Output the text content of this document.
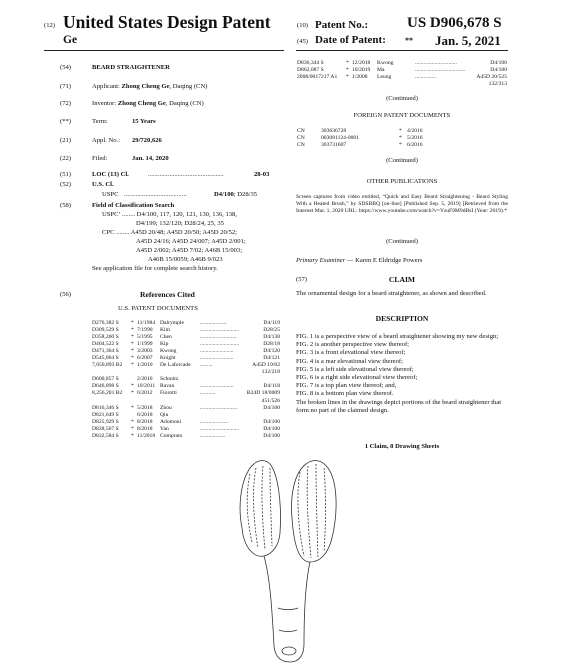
(12) United States Design Patent	(10) Patent No.:	US D906,678 S
Ge	(45) Date of Patent: ** Jan. 5, 2021
(54)	BEARD STRAIGHTENER
(71)	Applicant: Zhong Cheng Ge, Daqing (CN)
(72)	Inventor: Zhong Cheng Ge, Daqing (CN)
(**)	Term:	15 Years
(21)	Appl. No.: 29/720,626
(22)	Filed:	Jan. 14, 2020
(51)	LOC (13) Cl.	..............................................	28-03
(52)	U.S. Cl.
USPC ......................................	D4/100; D28/35
(58)	Field of Classification Search
USPC’ ........ D4/100, 117, 120, 121, 130, 136, 138,
D4/199; 132/120; D28/24, 25, 35
CPC ........ A45D 20/48; A45D 20/50; A45D 20/52;
A45D 24/16; A45D 24/007; A45D 2/001;
A45D 2/002; A45D 7/02; A46B 15/003;
A46B 15/0059; A46B 9/023
See application file for complete search history.
(56)	References Cited
U.S. PATENT DOCUMENTS
D276,382 S * 11/1984 Dalrymple	...................	D4/119
D309,529 S * 7/1990 Kim	............................	D28/25
D358,260 S * 5/1995 Chen	..........................	D4/138
D404,522 S * 1/1999 Kip	............................	D28/18
D471,364 S * 3/2003 Kwong	........................	D4/120
D545,064 S * 6/2007 Knight	........................	D4/121
7,650,893 B2 * 1/2010 De Laforcade .........	A45D 19/02
132/218
D600,857 S	2/2010 Schmitz
D646,898 S * 10/2011 Ravan	........................	D4/118
8,256,201 B2 * 6/2012 Fiorotti	...........	B24D 18/0009
451/526
D816,346 S * 5/2018 Zhou	...........................	D4/100
D821,649 S	6/2018 Qiu
D825,929 S * 8/2018 Adomoni	....................	D4/100
D828,567 S * 8/2018 Yan	............................	D4/100
D832,584 S * 11/2018 Comprato	..................	D4/100
D836,344 S	* 12/2018 Kwong	..............................	D4/100
D862,087 S	* 10/2019 Ma	....................................	D4/100
2008/0017217 A1 * 1/2008 Leung	...............	A45D 20/525
132/313
(Continued)
FOREIGN PATENT DOCUMENTS
CN	303636728	* 4/2016
CN	003081124-0001	* 5/2016
CN	303731607	* 6/2016
(Continued)
OTHER PUBLICATIONS
Screen captures from video entitled, “Quick and Easy Beard Straightening - Beard Styling With a Heated Brush,” by SDSBBQ [on-line] [Published Sep. 5, 2019] [Retrieved from the Internet Mar. 1, 2020 URL: https://www.youtube.com/watch?v=YsuF9M9dBsI (Year: 2019).*
(Continued)
Primary Examiner — Karen E Eldridge Powers
(57)	CLAIM
The ornamental design for a beard straightener, as shown and described.
DESCRIPTION
FIG. 1 is a perspective view of a beard straightener showing my new design;
FIG. 2 is another perspective view thereof;
FIG. 3 is a front elevational view thereof;
FIG. 4 is a rear elevational view thereof;
FIG. 5 is a left side elevational view thereof;
FIG. 6 is a right side elevational view thereof;
FIG. 7 is a top plan view thereof; and,
FIG. 8 is a bottom plan view thereof.
The broken lines in the drawings depict portions of the beard straightener that form no part of the claimed design.
1 Claim, 8 Drawing Sheets
